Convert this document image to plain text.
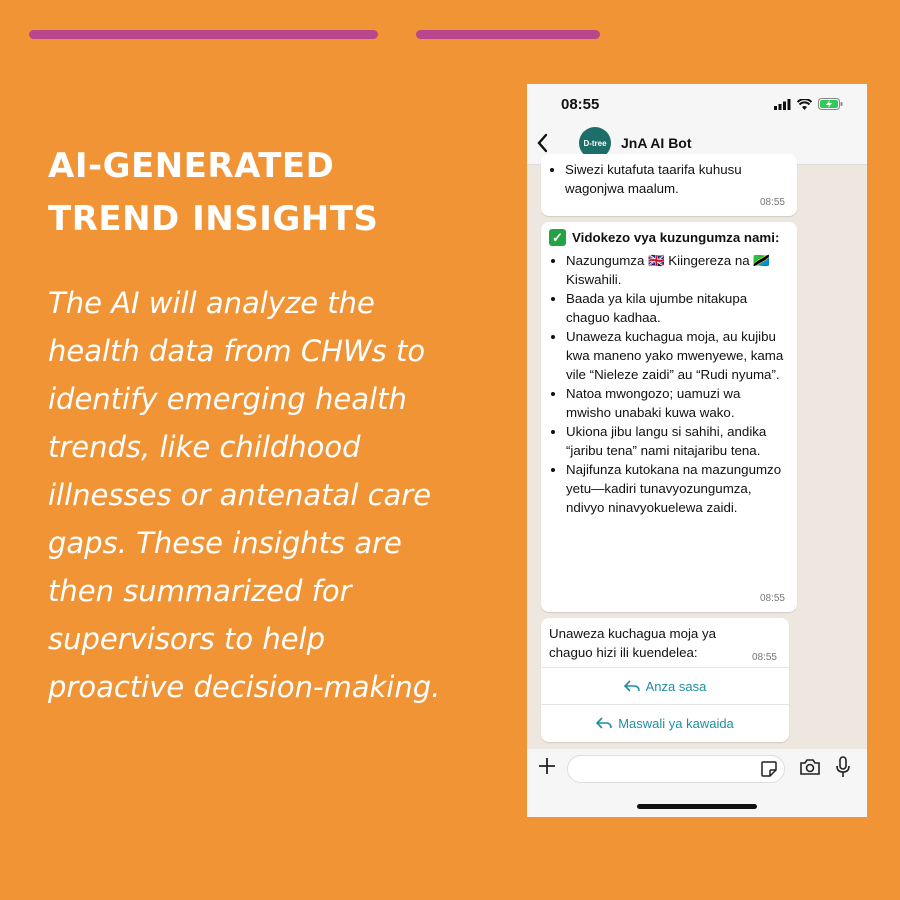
AI-GENERATED
TREND INSIGHTS

The AI will analyze the health data from CHWs to identify emerging health trends, like childhood illnesses or antenatal care gaps. These insights are then summarized for supervisors to help proactive decision-making.

08:55
D-tree JnA AI Bot
• Siwezi kutafuta taarifa kuhusu wagonjwa maalum.
08:55
✓ Vidokezo vya kuzungumza nami:
• Nazungumza 🇬🇧 Kiingereza na 🇹🇿 Kiswahili.
• Baada ya kila ujumbe nitakupa chaguo kadhaa.
• Unaweza kuchagua moja, au kujibu kwa maneno yako mwenyewe, kama vile “Nieleze zaidi” au “Rudi nyuma”.
• Natoa mwongozo; uamuzi wa mwisho unabaki kuwa wako.
• Ukiona jibu langu si sahihi, andika “jaribu tena” nami nitajaribu tena.
• Najifunza kutokana na mazungumzo yetu—kadiri tunavyozungumza, ndivyo ninavyokuelewa zaidi.
08:55
Unaweza kuchagua moja ya chaguo hizi ili kuendelea:	08:55
Anza sasa
Maswali ya kawaida
